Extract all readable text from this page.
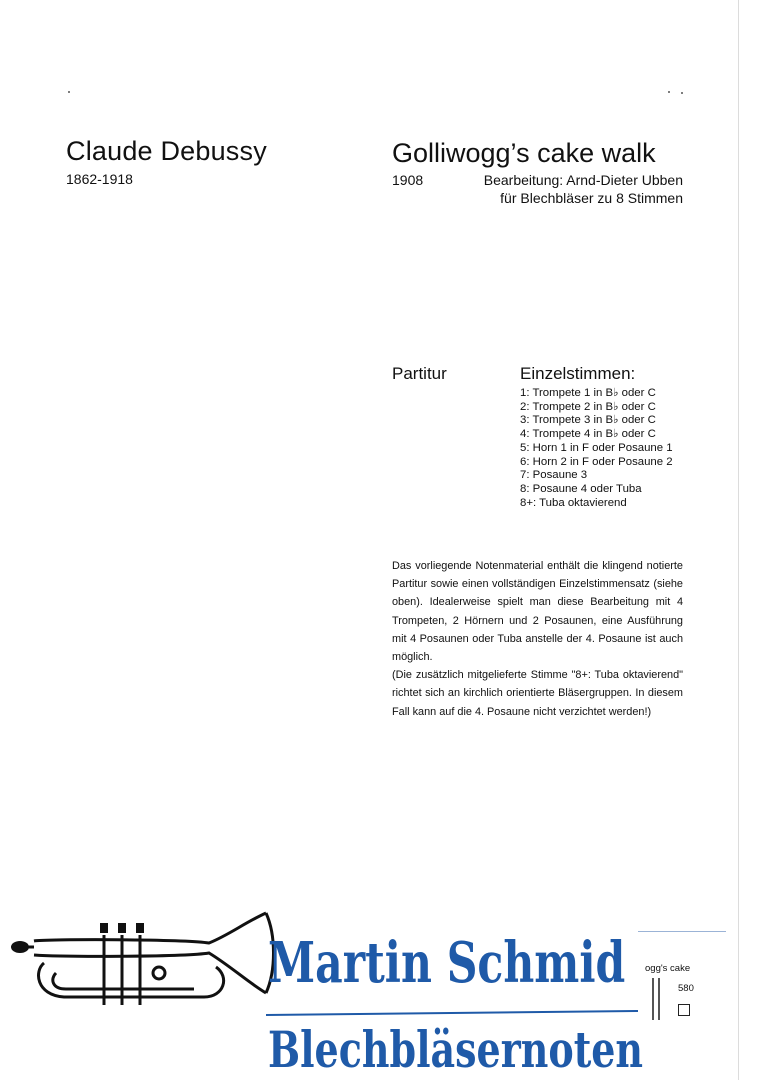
Claude Debussy
1862-1918
Golliwogg’s cake walk
1908	Bearbeitung: Arnd-Dieter Ubben
für Blechbläser zu 8 Stimmen
Partitur	Einzelstimmen:
1: Trompete 1 in B♭ oder C
2: Trompete 2 in B♭ oder C
3: Trompete 3 in B♭ oder C
4: Trompete 4 in B♭ oder C
5: Horn 1 in F oder Posaune 1
6: Horn 2 in F oder Posaune 2
7: Posaune 3
8: Posaune 4 oder Tuba
8+: Tuba oktavierend

Das vorliegende Notenmaterial enthält die klingend notierte Partitur sowie einen vollständigen Einzelstimmensatz (siehe oben). Idealerweise spielt man diese Bearbeitung mit 4 Trompeten, 2 Hörnern und 2 Posaunen, eine Ausführung mit 4 Posaunen oder Tuba anstelle der 4. Posaune ist auch möglich.

(Die zusätzlich mitgelieferte Stimme "8+: Tuba oktavierend" richtet sich an kirchlich orientierte Bläsergruppen. In diesem Fall kann auf die 4. Posaune nicht verzichtet werden!)

Martin Schmid
Blechbläsernoten
ogg's cake
580
